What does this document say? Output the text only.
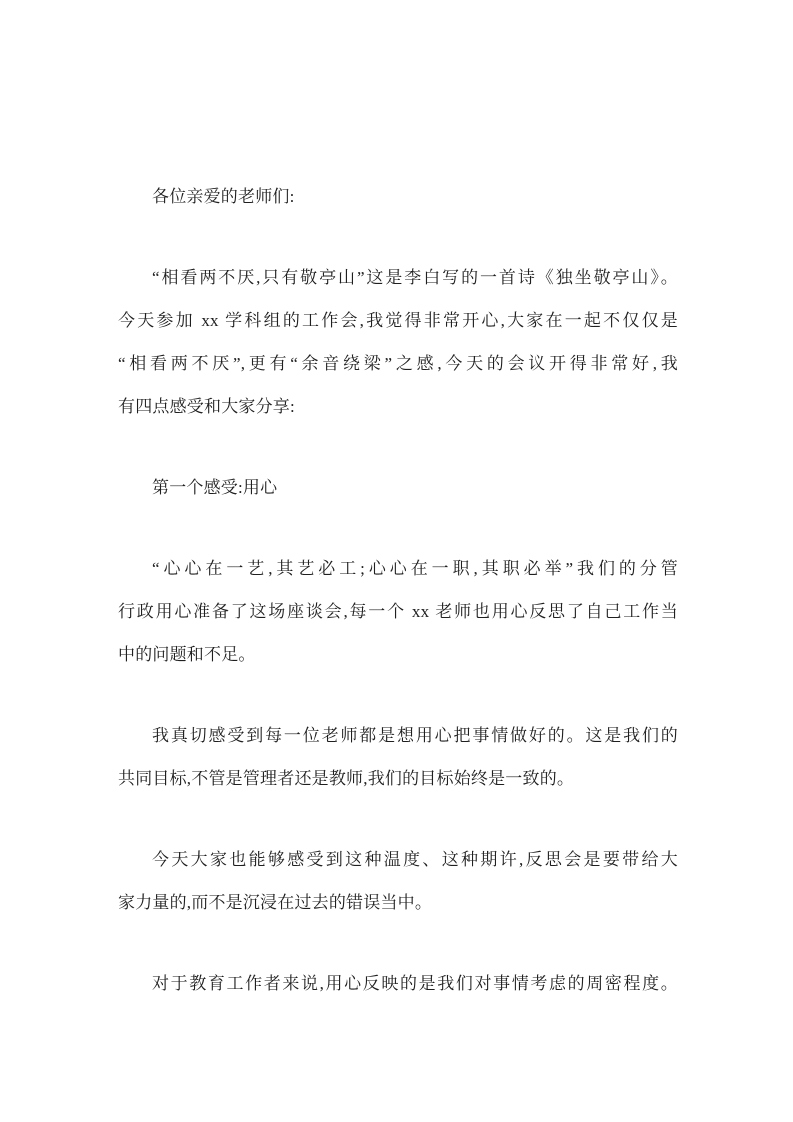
各位亲爱的老师们:
“相看两不厌,只有敬亭山”这是李白写的一首诗《独坐敬亭山》。
今天参加 xx 学科组的工作会,我觉得非常开心,大家在一起不仅仅是
“相看两不厌”,更有“余音绕梁”之感,今天的会议开得非常好,我
有四点感受和大家分享:
第一个感受:用心
“心心在一艺,其艺必工;心心在一职,其职必举”我们的分管
行政用心准备了这场座谈会,每一个 xx 老师也用心反思了自己工作当
中的问题和不足。
我真切感受到每一位老师都是想用心把事情做好的。这是我们的
共同目标,不管是管理者还是教师,我们的目标始终是一致的。
今天大家也能够感受到这种温度、这种期许,反思会是要带给大
家力量的,而不是沉浸在过去的错误当中。
对于教育工作者来说,用心反映的是我们对事情考虑的周密程度。
